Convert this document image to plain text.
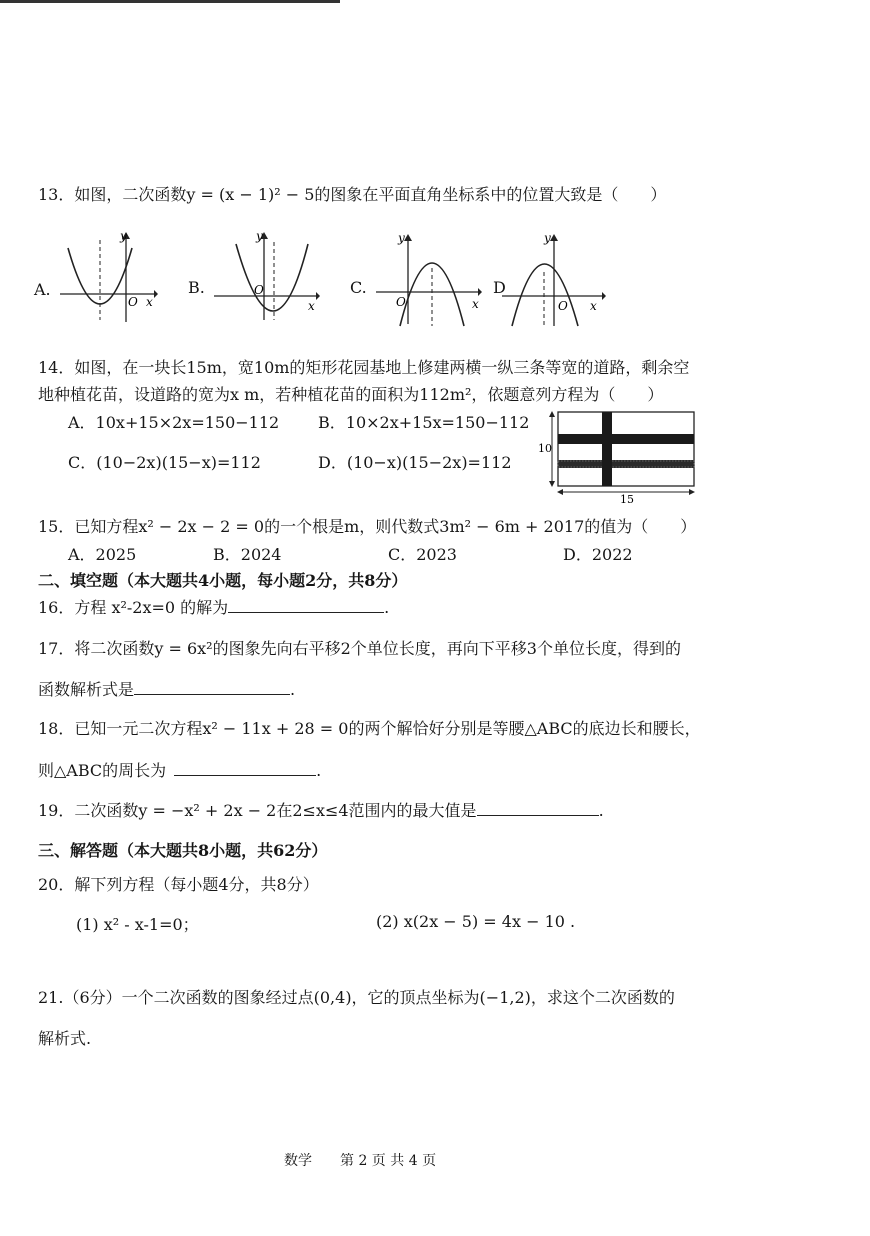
13．如图，二次函数y = (x − 1)² − 5的图象在平面直角坐标系中的位置大致是（　　）
A.
y
O x
B.
y
O
x
C.
y
O	x
D
y
O x
14．如图，在一块长15m，宽10m的矩形花园基地上修建两横一纵三条等宽的道路，剩余空
地种植花苗，设道路的宽为x m，若种植花苗的面积为112m²，依题意列方程为（　　）
A．10x+15×2x=150−112 B．10×2x+15x=150−112
C．(10−2x)(15−x)=112	D．(10−x)(15−2x)=112
10
15
15．已知方程x² − 2x − 2 = 0的一个根是m，则代数式3m² − 6m + 2017的值为（　　）
A．2025	B．2024	C．2023	D．2022
二、填空题（本大题共4小题，每小题2分，共8分）
16．方程 x²-2x=0 的解为	.
17．将二次函数y = 6x²的图象先向右平移2个单位长度，再向下平移3个单位长度，得到的
函数解析式是	.
18．已知一元二次方程x² − 11x + 28 = 0的两个解恰好分别是等腰△ABC的底边长和腰长，
则△ABC的周长为	.
19．二次函数y = −x² + 2x − 2在2≤x≤4范围内的最大值是	.
三、解答题（本大题共8小题，共62分）
20．解下列方程（每小题4分，共8分）
(1) x² - x-1=0；	(2) x(2x − 5) = 4x − 10 .
21.（6分）一个二次函数的图象经过点(0,4)，它的顶点坐标为(−1,2)，求这个二次函数的
解析式.
数学　　第 2 页 共 4 页
